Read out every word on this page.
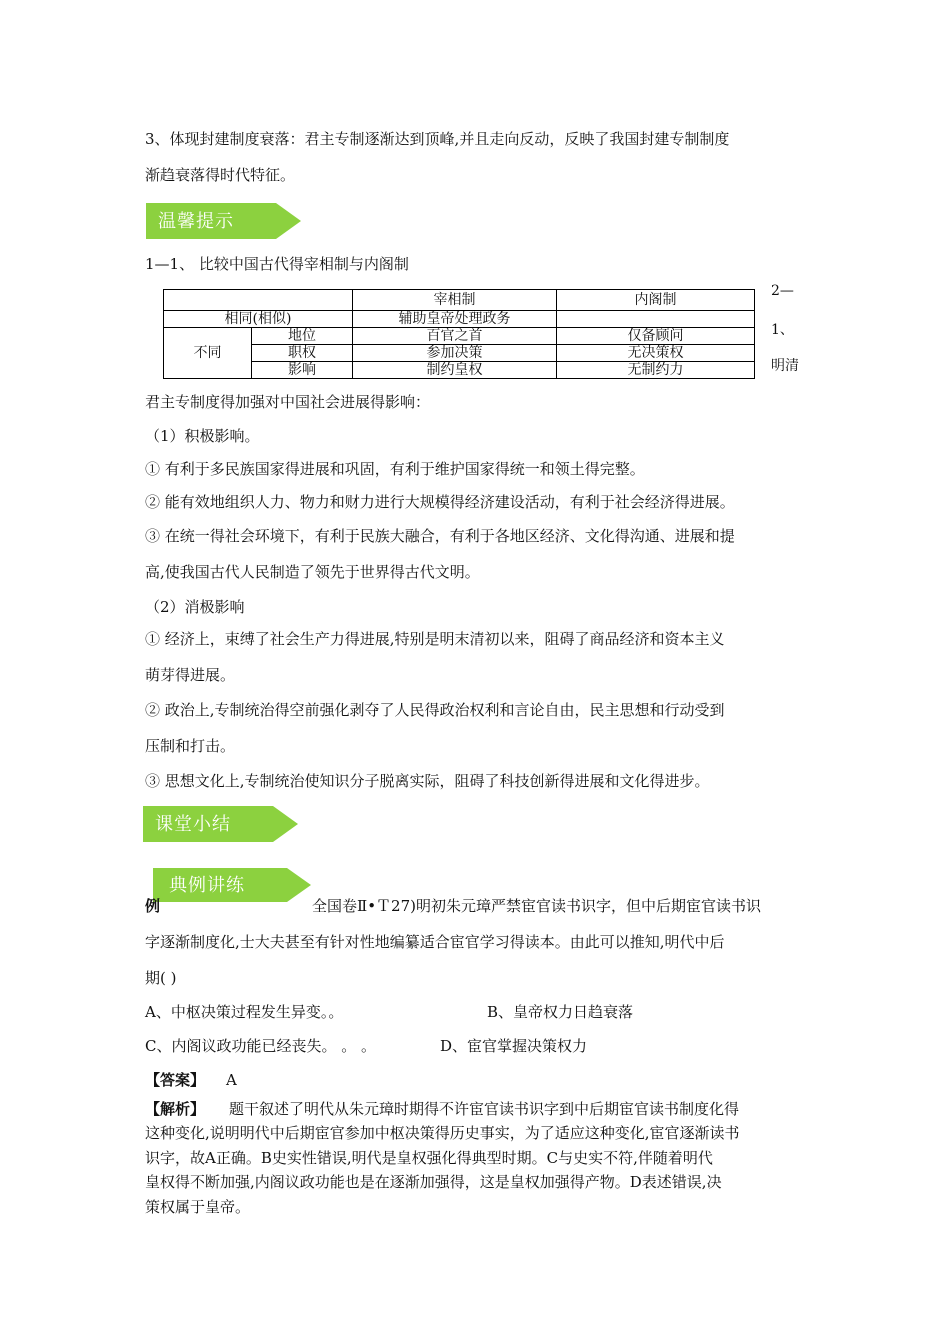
3、体现封建制度衰落：君主专制逐渐达到顶峰,并且走向反动，反映了我国封建专制制度
渐趋衰落得时代特征。
温馨提示
1—1、 比较中国古代得宰相制与内阁制
		宰相制	内阁制
相同(相似)		辅助皇帝处理政务	
不同	地位	百官之首	仅备顾问
	职权	参加决策	无决策权
	影响	制约皇权	无制约力
2—
1、
明清
君主专制度得加强对中国社会进展得影响：
（1）积极影响。
① 有利于多民族国家得进展和巩固，有利于维护国家得统一和领土得完整。
② 能有效地组织人力、物力和财力进行大规模得经济建设活动，有利于社会经济得进展。
③ 在统一得社会环境下，有利于民族大融合，有利于各地区经济、文化得沟通、进展和提
高,使我国古代人民制造了领先于世界得古代文明。
（2）消极影响
① 经济上，束缚了社会生产力得进展,特别是明末清初以来，阻碍了商品经济和资本主义
萌芽得进展。
② 政治上,专制统治得空前强化剥夺了人民得政治权利和言论自由，民主思想和行动受到
压制和打击。
③ 思想文化上,专制统治使知识分子脱离实际，阻碍了科技创新得进展和文化得进步。
课堂小结
典例讲练
例	全国卷Ⅱ•Ｔ27)明初朱元璋严禁宦官读书识字，但中后期宦官读书识
字逐渐制度化,士大夫甚至有针对性地编纂适合宦官学习得读本。由此可以推知,明代中后
期( )
A、中枢决策过程发生异变。。	B、皇帝权力日趋衰落
C、内阁议政功能已经丧失。 。 。	D、宦官掌握决策权力
【答案】 A
【解析】 题干叙述了明代从朱元璋时期得不许宦官读书识字到中后期宦官读书制度化得
这种变化,说明明代中后期宦官参加中枢决策得历史事实，为了适应这种变化,宦官逐渐读书
识字，故A正确。B史实性错误,明代是皇权强化得典型时期。C与史实不符,伴随着明代
皇权得不断加强,内阁议政功能也是在逐渐加强得，这是皇权加强得产物。D表述错误,决
策权属于皇帝。
